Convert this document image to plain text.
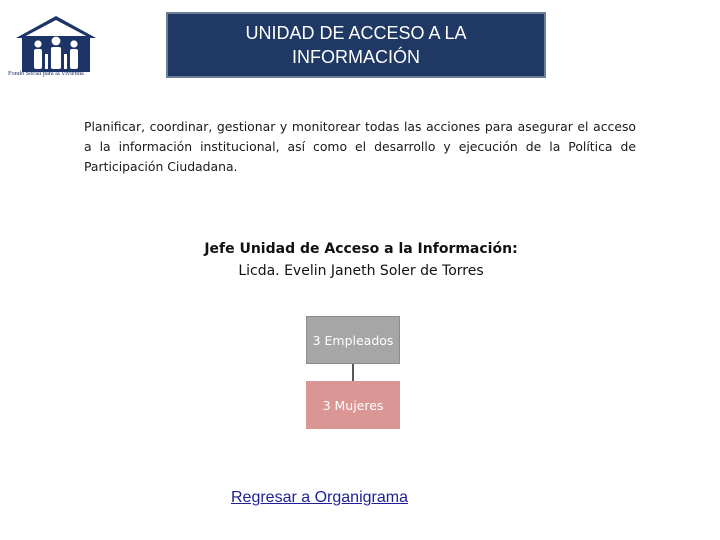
Fondo Social para la Vivienda
UNIDAD DE ACCESO A LA INFORMACIÓN
Planificar, coordinar, gestionar y monitorear todas las acciones para asegurar el acceso a la información institucional, así como el desarrollo y ejecución de la Política de Participación Ciudadana.
Jefe Unidad de Acceso a la Información:
Licda. Evelin Janeth Soler de Torres
3 Empleados
3 Mujeres
Regresar a Organigrama
